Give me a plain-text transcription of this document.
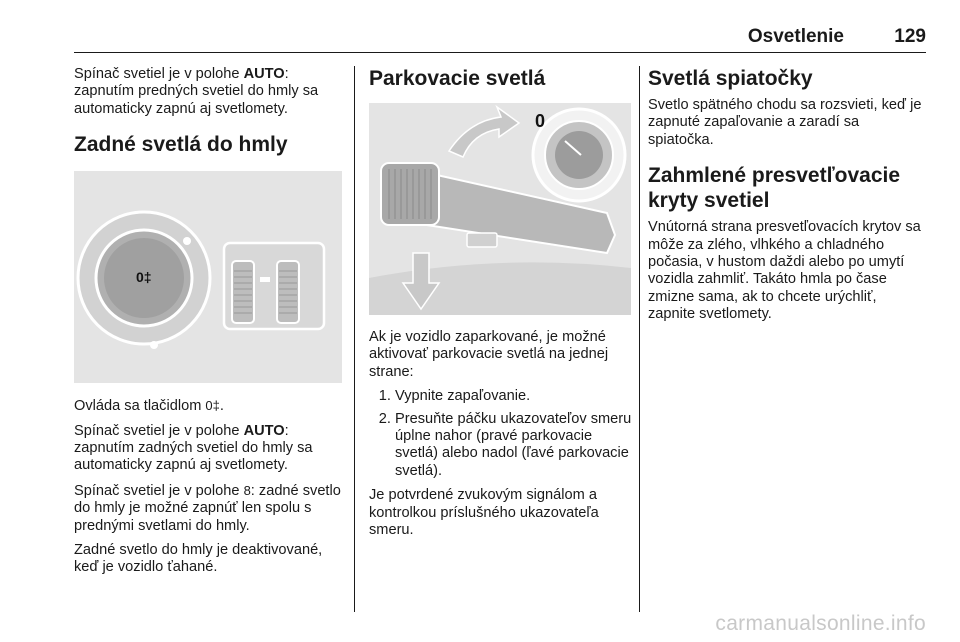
Osvetlenie	129

Spínač svetiel je v polohe AUTO: zapnutím predných svetiel do hmly sa automaticky zapnú aj svetlomety.

Zadné svetlá do hmly
0‡

Ovláda sa tlačidlom 0‡.

Spínač svetiel je v polohe AUTO: zapnutím zadných svetiel do hmly sa automaticky zapnú aj svetlomety.

Spínač svetiel je v polohe 8: zadné svetlo do hmly je možné zapnúť len spolu s prednými svetlami do hmly.

Zadné svetlo do hmly je deaktivované, keď je vozidlo ťahané.

Parkovacie svetlá
0

Ak je vozidlo zaparkované, je možné aktivovať parkovacie svetlá na jednej strane:

1. Vypnite zapaľovanie.
2. Presuňte páčku ukazovateľov smeru úplne nahor (pravé parkovacie svetlá) alebo nadol (ľavé parkovacie svetlá).

Je potvrdené zvukovým signálom a kontrolkou príslušného ukazovateľa smeru.

Svetlá spiatočky

Svetlo spätného chodu sa rozsvieti, keď je zapnuté zapaľovanie a zaradí sa spiatočka.

Zahmlené presvetľovacie kryty svetiel

Vnútorná strana presvetľovacích krytov sa môže za zlého, vlhkého a chladného počasia, v hustom daždi alebo po umytí vozidla zahmliť. Takáto hmla po čase zmizne sama, ak to chcete urýchliť, zapnite svetlomety.

carmanualsonline.info
